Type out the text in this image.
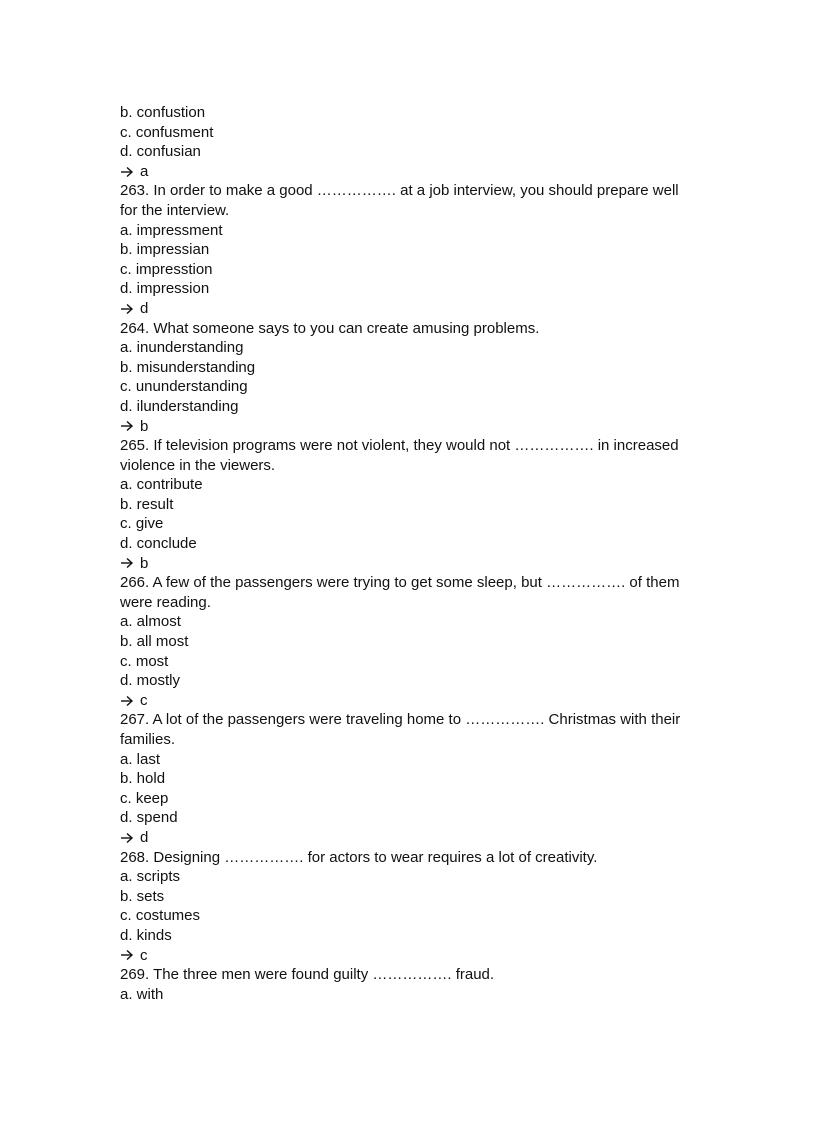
b. confustion
c. confusment
d. confusian
a
263. In order to make a good ……………. at a job interview, you should prepare well for the interview.
a. impressment
b. impressian
c. impresstion
d. impression
d
264. What someone says to you can create amusing problems.
a. inunderstanding
b. misunderstanding
c. ununderstanding
d. ilunderstanding
b
265. If television programs were not violent, they would not ……………. in increased violence in the viewers.
a. contribute
b. result
c. give
d. conclude
b
266. A few of the passengers were trying to get some sleep, but ……………. of them were reading.
a. almost
b. all most
c. most
d. mostly
c
267. A lot of the passengers were traveling home to ……………. Christmas with their families.
a. last
b. hold
c. keep
d. spend
d
268. Designing ……………. for actors to wear requires a lot of creativity.
a. scripts
b. sets
c. costumes
d. kinds
c
269. The three men were found guilty ……………. fraud.
a. with
